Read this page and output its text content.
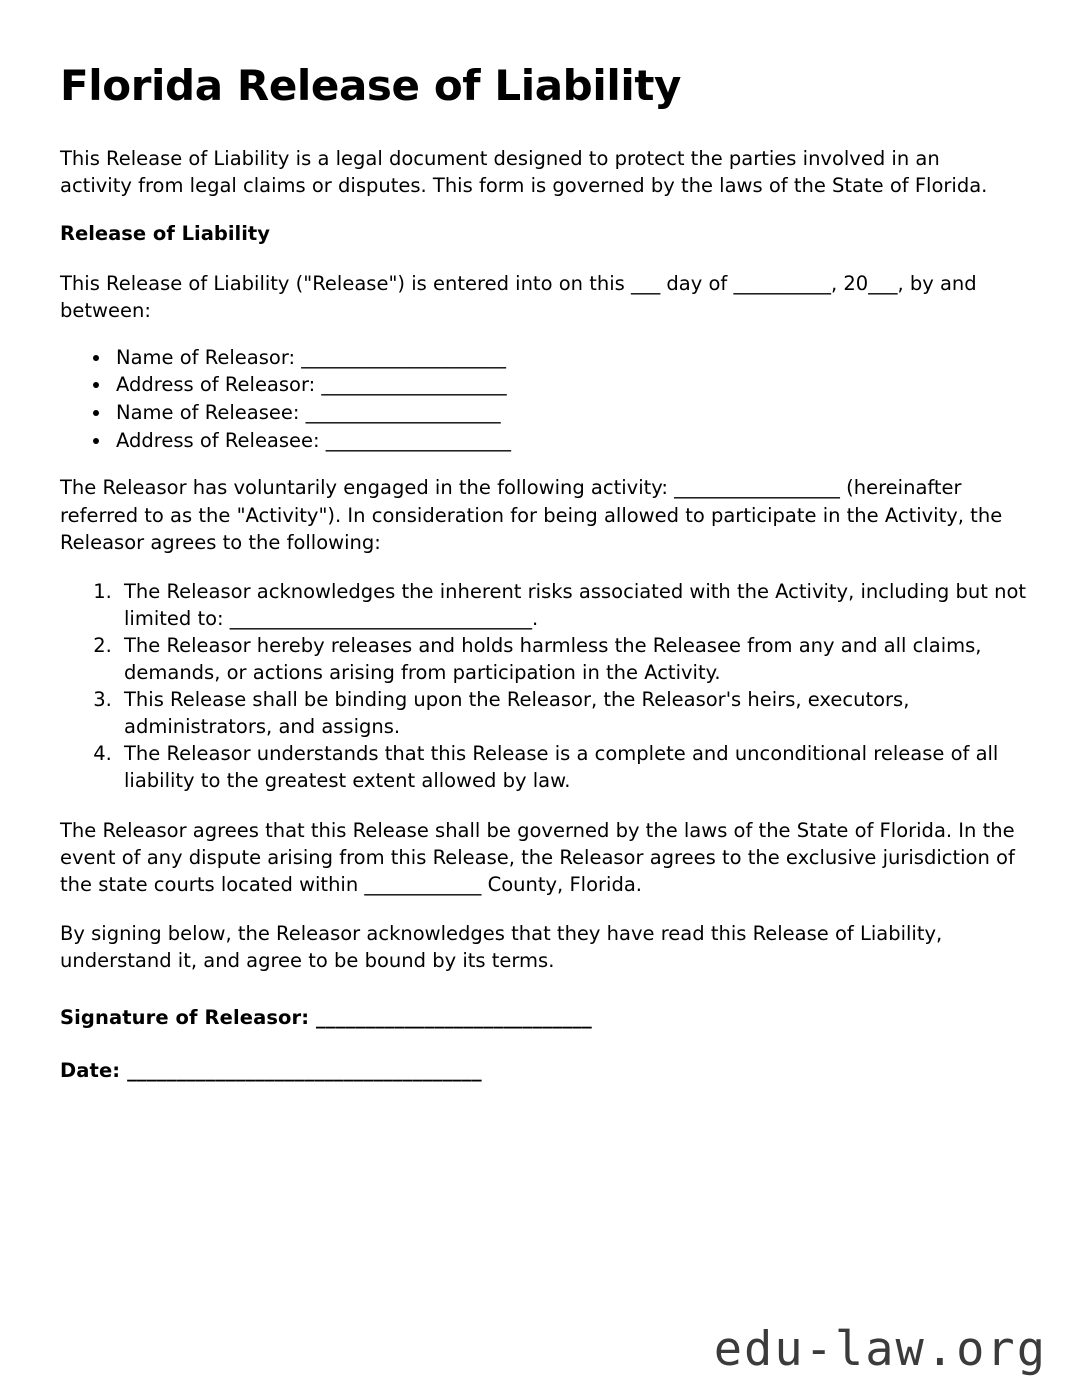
Florida Release of Liability

This Release of Liability is a legal document designed to protect the parties involved in an activity from legal claims or disputes. This form is governed by the laws of the State of Florida.

Release of Liability

This Release of Liability ("Release") is entered into on this ___ day of __________, 20___, by and between:

• Name of Releasor: _____________________
• Address of Releasor: ___________________
• Name of Releasee: ____________________
• Address of Releasee: ___________________

The Releasor has voluntarily engaged in the following activity: _________________ (hereinafter referred to as the "Activity"). In consideration for being allowed to participate in the Activity, the Releasor agrees to the following:

1. The Releasor acknowledges the inherent risks associated with the Activity, including but not limited to: _______________________________.
2. The Releasor hereby releases and holds harmless the Releasee from any and all claims, demands, or actions arising from participation in the Activity.
3. This Release shall be binding upon the Releasor, the Releasor's heirs, executors, administrators, and assigns.
4. The Releasor understands that this Release is a complete and unconditional release of all liability to the greatest extent allowed by law.

The Releasor agrees that this Release shall be governed by the laws of the State of Florida. In the event of any dispute arising from this Release, the Releasor agrees to the exclusive jurisdiction of the state courts located within ____________ County, Florida.

By signing below, the Releasor acknowledges that they have read this Release of Liability, understand it, and agree to be bound by its terms.

Signature of Releasor: ____________________________
Date: ____________________________________
edu-law.org
